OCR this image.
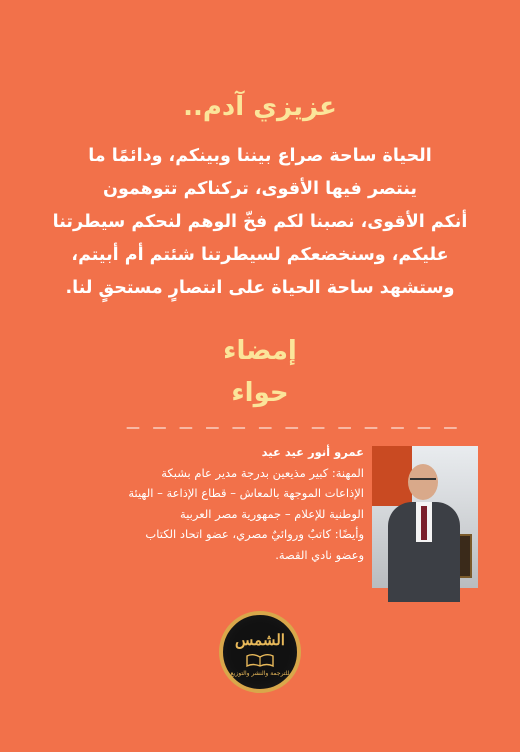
عزيزي آدم..
الحياة ساحة صراع بيننا وبينكم، ودائمًا ما
ينتصر فيها الأقوى، تركناكم تتوهمون
أنكم الأقوى، نصبنا لكم فخّ الوهم لنحكم سيطرتنا
عليكم، وسنخضعكم لسيطرتنا شئتم أم أبيتم،
وستشهد ساحة الحياة على انتصارٍ مستحقٍ لنا.
إمضاء
حواء
— — — — — — — — — — — — —
عمرو أنور عيد عيد
المهنة: كبير مذيعين بدرجة مدير عام بشبكة
الإذاعات الموجهة بالمعاش – قطاع الإذاعة – الهيئة
الوطنية للإعلام – جمهورية مصر العربية
وأيضًا: كاتبٌ وروائيٌ مصري، عضو اتحاد الكتاب
وعضو نادي القصة.
الشمس
للترجمة والنشر والتوزيع
